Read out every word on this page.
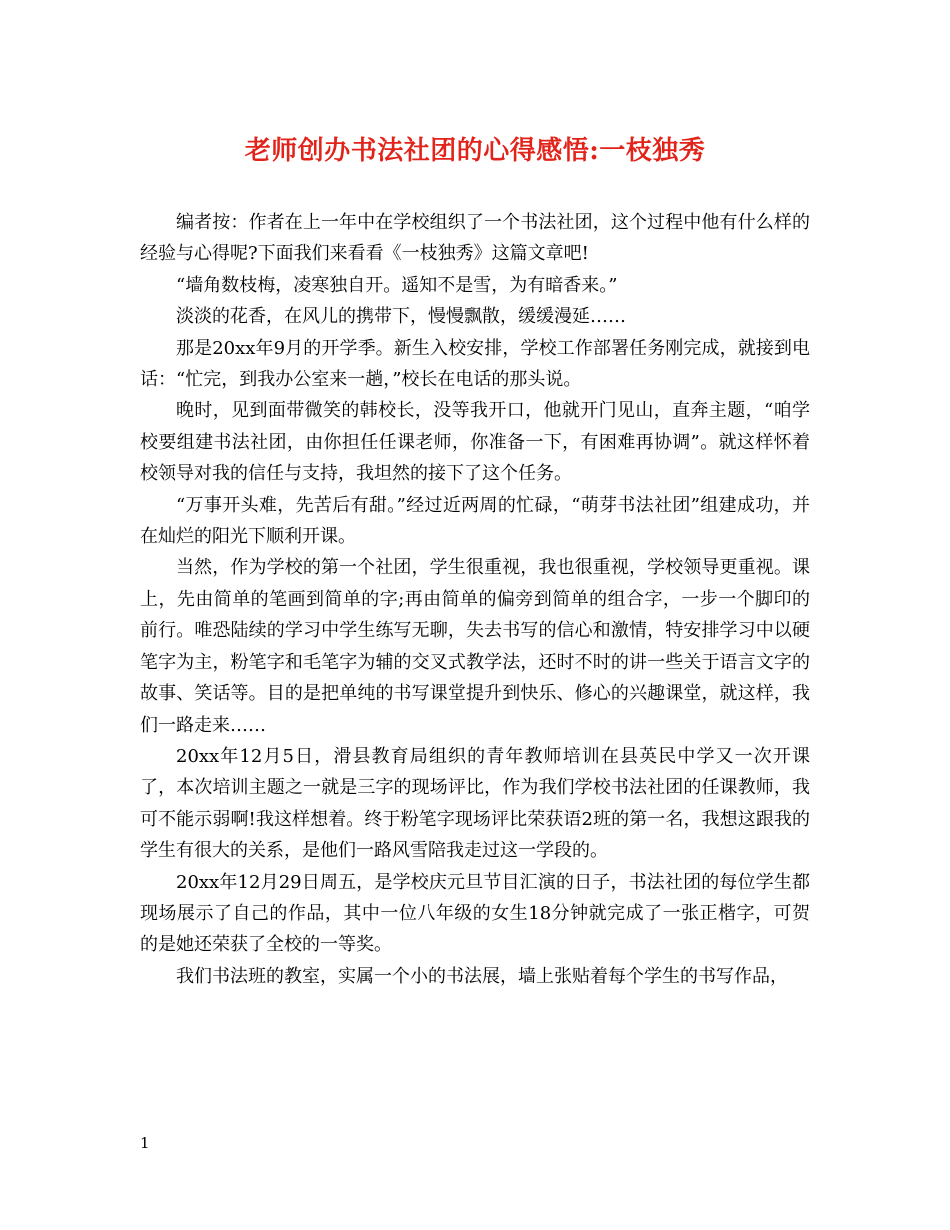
老师创办书法社团的心得感悟:一枝独秀

编者按：作者在上一年中在学校组织了一个书法社团，这个过程中他有什么样的经验与心得呢?下面我们来看看《一枝独秀》这篇文章吧!

“墙角数枝梅，凌寒独自开。遥知不是雪，为有暗香来。”

淡淡的花香，在风儿的携带下，慢慢飘散，缓缓漫延……

那是20xx年9月的开学季。新生入校安排，学校工作部署任务刚完成，就接到电话：“忙完，到我办公室来一趟，”校长在电话的那头说。

晚时，见到面带微笑的韩校长，没等我开口，他就开门见山，直奔主题，“咱学校要组建书法社团，由你担任任课老师，你准备一下，有困难再协调”。就这样怀着校领导对我的信任与支持，我坦然的接下了这个任务。

“万事开头难，先苦后有甜。”经过近两周的忙碌，“萌芽书法社团”组建成功，并在灿烂的阳光下顺利开课。

当然，作为学校的第一个社团，学生很重视，我也很重视，学校领导更重视。课上，先由简单的笔画到简单的字;再由简单的偏旁到简单的组合字，一步一个脚印的前行。唯恐陆续的学习中学生练写无聊，失去书写的信心和激情，特安排学习中以硬笔字为主，粉笔字和毛笔字为辅的交叉式教学法，还时不时的讲一些关于语言文字的故事、笑话等。目的是把单纯的书写课堂提升到快乐、修心的兴趣课堂，就这样，我们一路走来……

20xx年12月5日，滑县教育局组织的青年教师培训在县英民中学又一次开课了，本次培训主题之一就是三字的现场评比，作为我们学校书法社团的任课教师，我可不能示弱啊!我这样想着。终于粉笔字现场评比荣获语2班的第一名，我想这跟我的学生有很大的关系，是他们一路风雪陪我走过这一学段的。

20xx年12月29日周五，是学校庆元旦节目汇演的日子，书法社团的每位学生都现场展示了自己的作品，其中一位八年级的女生18分钟就完成了一张正楷字，可贺的是她还荣获了全校的一等奖。

我们书法班的教室，实属一个小的书法展，墙上张贴着每个学生的书写作品，

1
